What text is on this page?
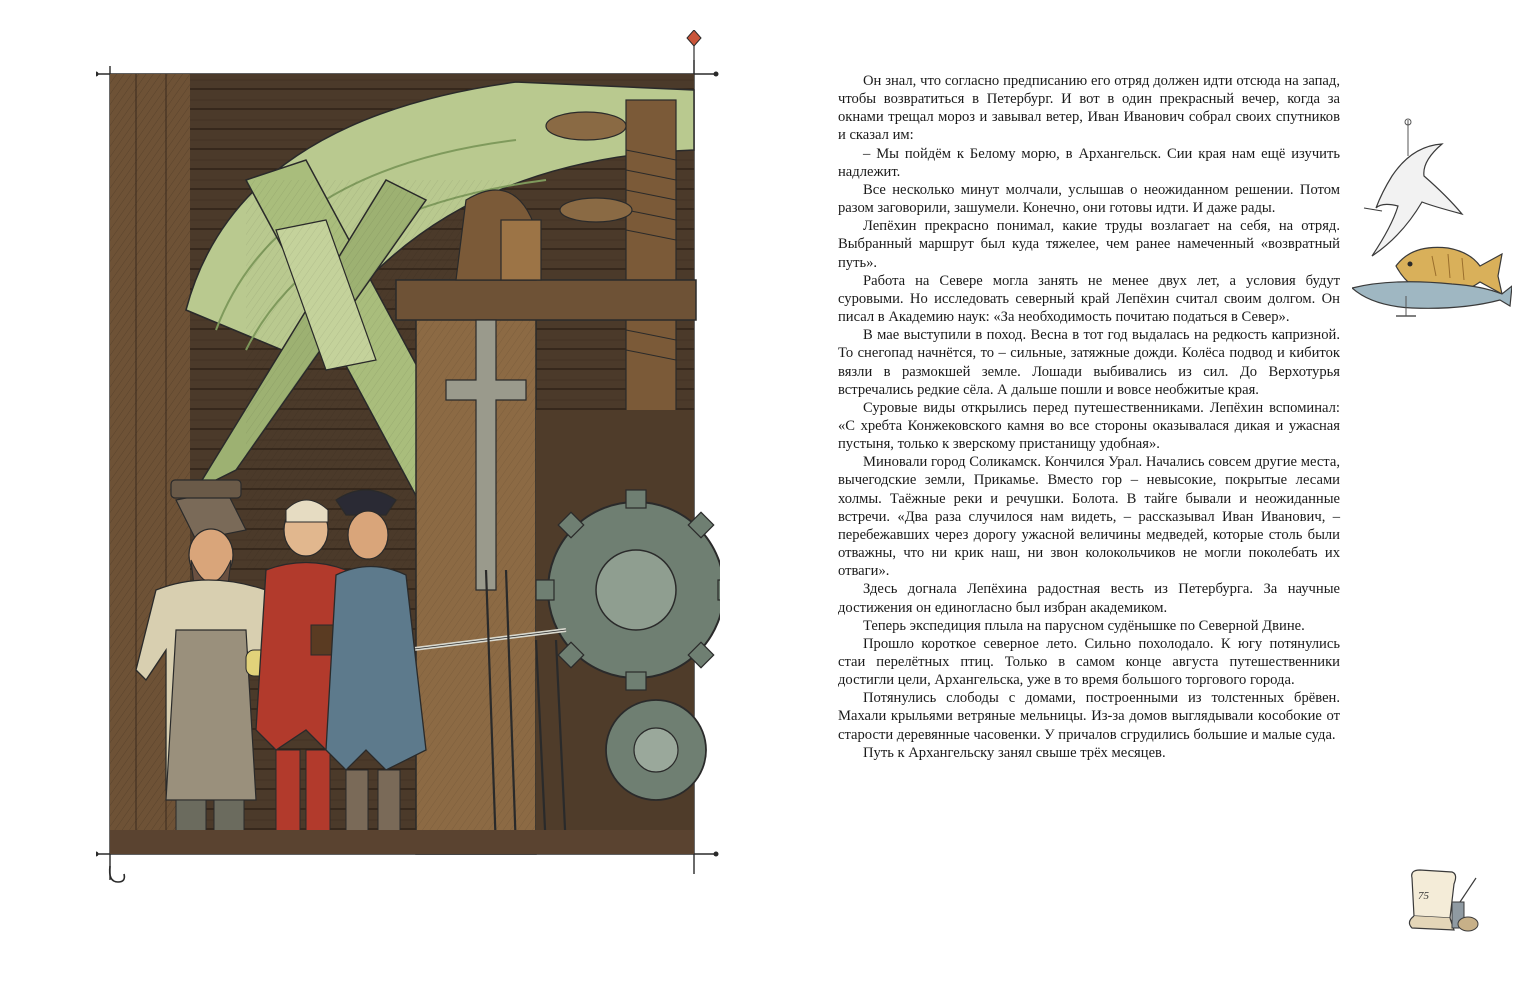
Он знал, что согласно предписанию его отряд должен идти отсюда на запад, чтобы возвратиться в Петербург. И вот в один прекрасный вечер, когда за окнами трещал мороз и завывал ветер, Иван Иванович собрал своих спутников и сказал им:

– Мы пойдём к Белому морю, в Архангельск. Сии края нам ещё изучить надлежит.

Все несколько минут молчали, услышав о неожиданном решении. Потом разом заговорили, зашумели. Конечно, они готовы идти. И даже рады.

Лепёхин прекрасно понимал, какие труды возлагает на себя, на отряд. Выбранный маршрут был куда тяжелее, чем ранее намеченный «возвратный путь».

Работа на Севере могла занять не менее двух лет, а условия будут суровыми. Но исследовать северный край Лепёхин считал своим долгом. Он писал в Академию наук: «За необходимость почитаю податься в Север».

В мае выступили в поход. Весна в тот год выдалась на редкость капризной. То снегопад начнётся, то – сильные, затяжные дожди. Колёса подвод и кибиток вязли в размокшей земле. Лошади выбивались из сил. До Верхотурья встречались редкие сёла. А дальше пошли и вовсе необжитые края.

Суровые виды открылись перед путешественниками. Лепёхин вспоминал: «С хребта Конжековского камня во все стороны оказывалася дикая и ужасная пустыня, только к зверскому пристанищу удобная».

Миновали город Соликамск. Кончился Урал. Начались совсем другие места, вычегодские земли, Прикамье. Вместо гор – невысокие, покрытые лесами холмы. Таёжные реки и речушки. Болота. В тайге бывали и неожиданные встречи. «Два раза случилося нам видеть, – рассказывал Иван Иванович, – перебежавших через дорогу ужасной величины медведей, которые столь были отважны, что ни крик наш, ни звон колокольчиков не могли поколебать их отваги».

Здесь догнала Лепёхина радостная весть из Петербурга. За научные достижения он единогласно был избран академиком.

Теперь экспедиция плыла на парусном судёнышке по Северной Двине.

Прошло короткое северное лето. Сильно похолодало. К югу потянулись стаи перелётных птиц. Только в самом конце августа путешественники достигли цели, Архангельска, уже в то время большого торгового города.

Потянулись слободы с домами, построенными из толстенных брёвен. Махали крыльями ветряные мельницы. Из-за домов выглядывали кособокие от старости деревянные часовенки. У причалов сгрудились большие и малые суда.

Путь к Архангельску занял свыше трёх месяцев.

75
